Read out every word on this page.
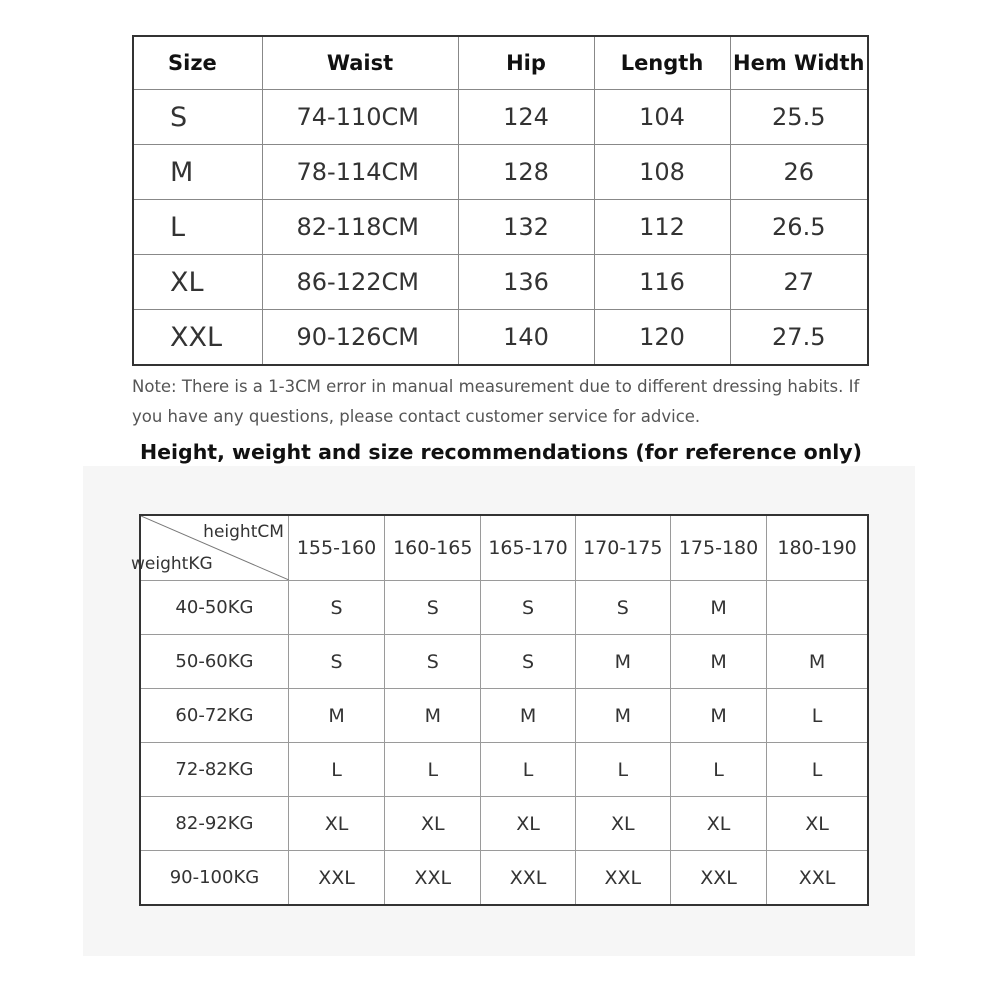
Size	Waist	Hip	Length	Hem Width
S	74-110CM	124	104	25.5
M	78-114CM	128	108	26
L	82-118CM	132	112	26.5
XL	86-122CM	136	116	27
XXL	90-126CM	140	120	27.5
Note: There is a 1-3CM error in manual measurement due to different dressing habits. If you have any questions, please contact customer service for advice.
Height, weight and size recommendations (for reference only)
heightCM
weightKG	155-160	160-165	165-170	170-175	175-180	180-190
40-50KG	S	S	S	S	M	
50-60KG	S	S	S	M	M	M
60-72KG	M	M	M	M	M	L
72-82KG	L	L	L	L	L	L
82-92KG	XL	XL	XL	XL	XL	XL
90-100KG	XXL	XXL	XXL	XXL	XXL	XXL
